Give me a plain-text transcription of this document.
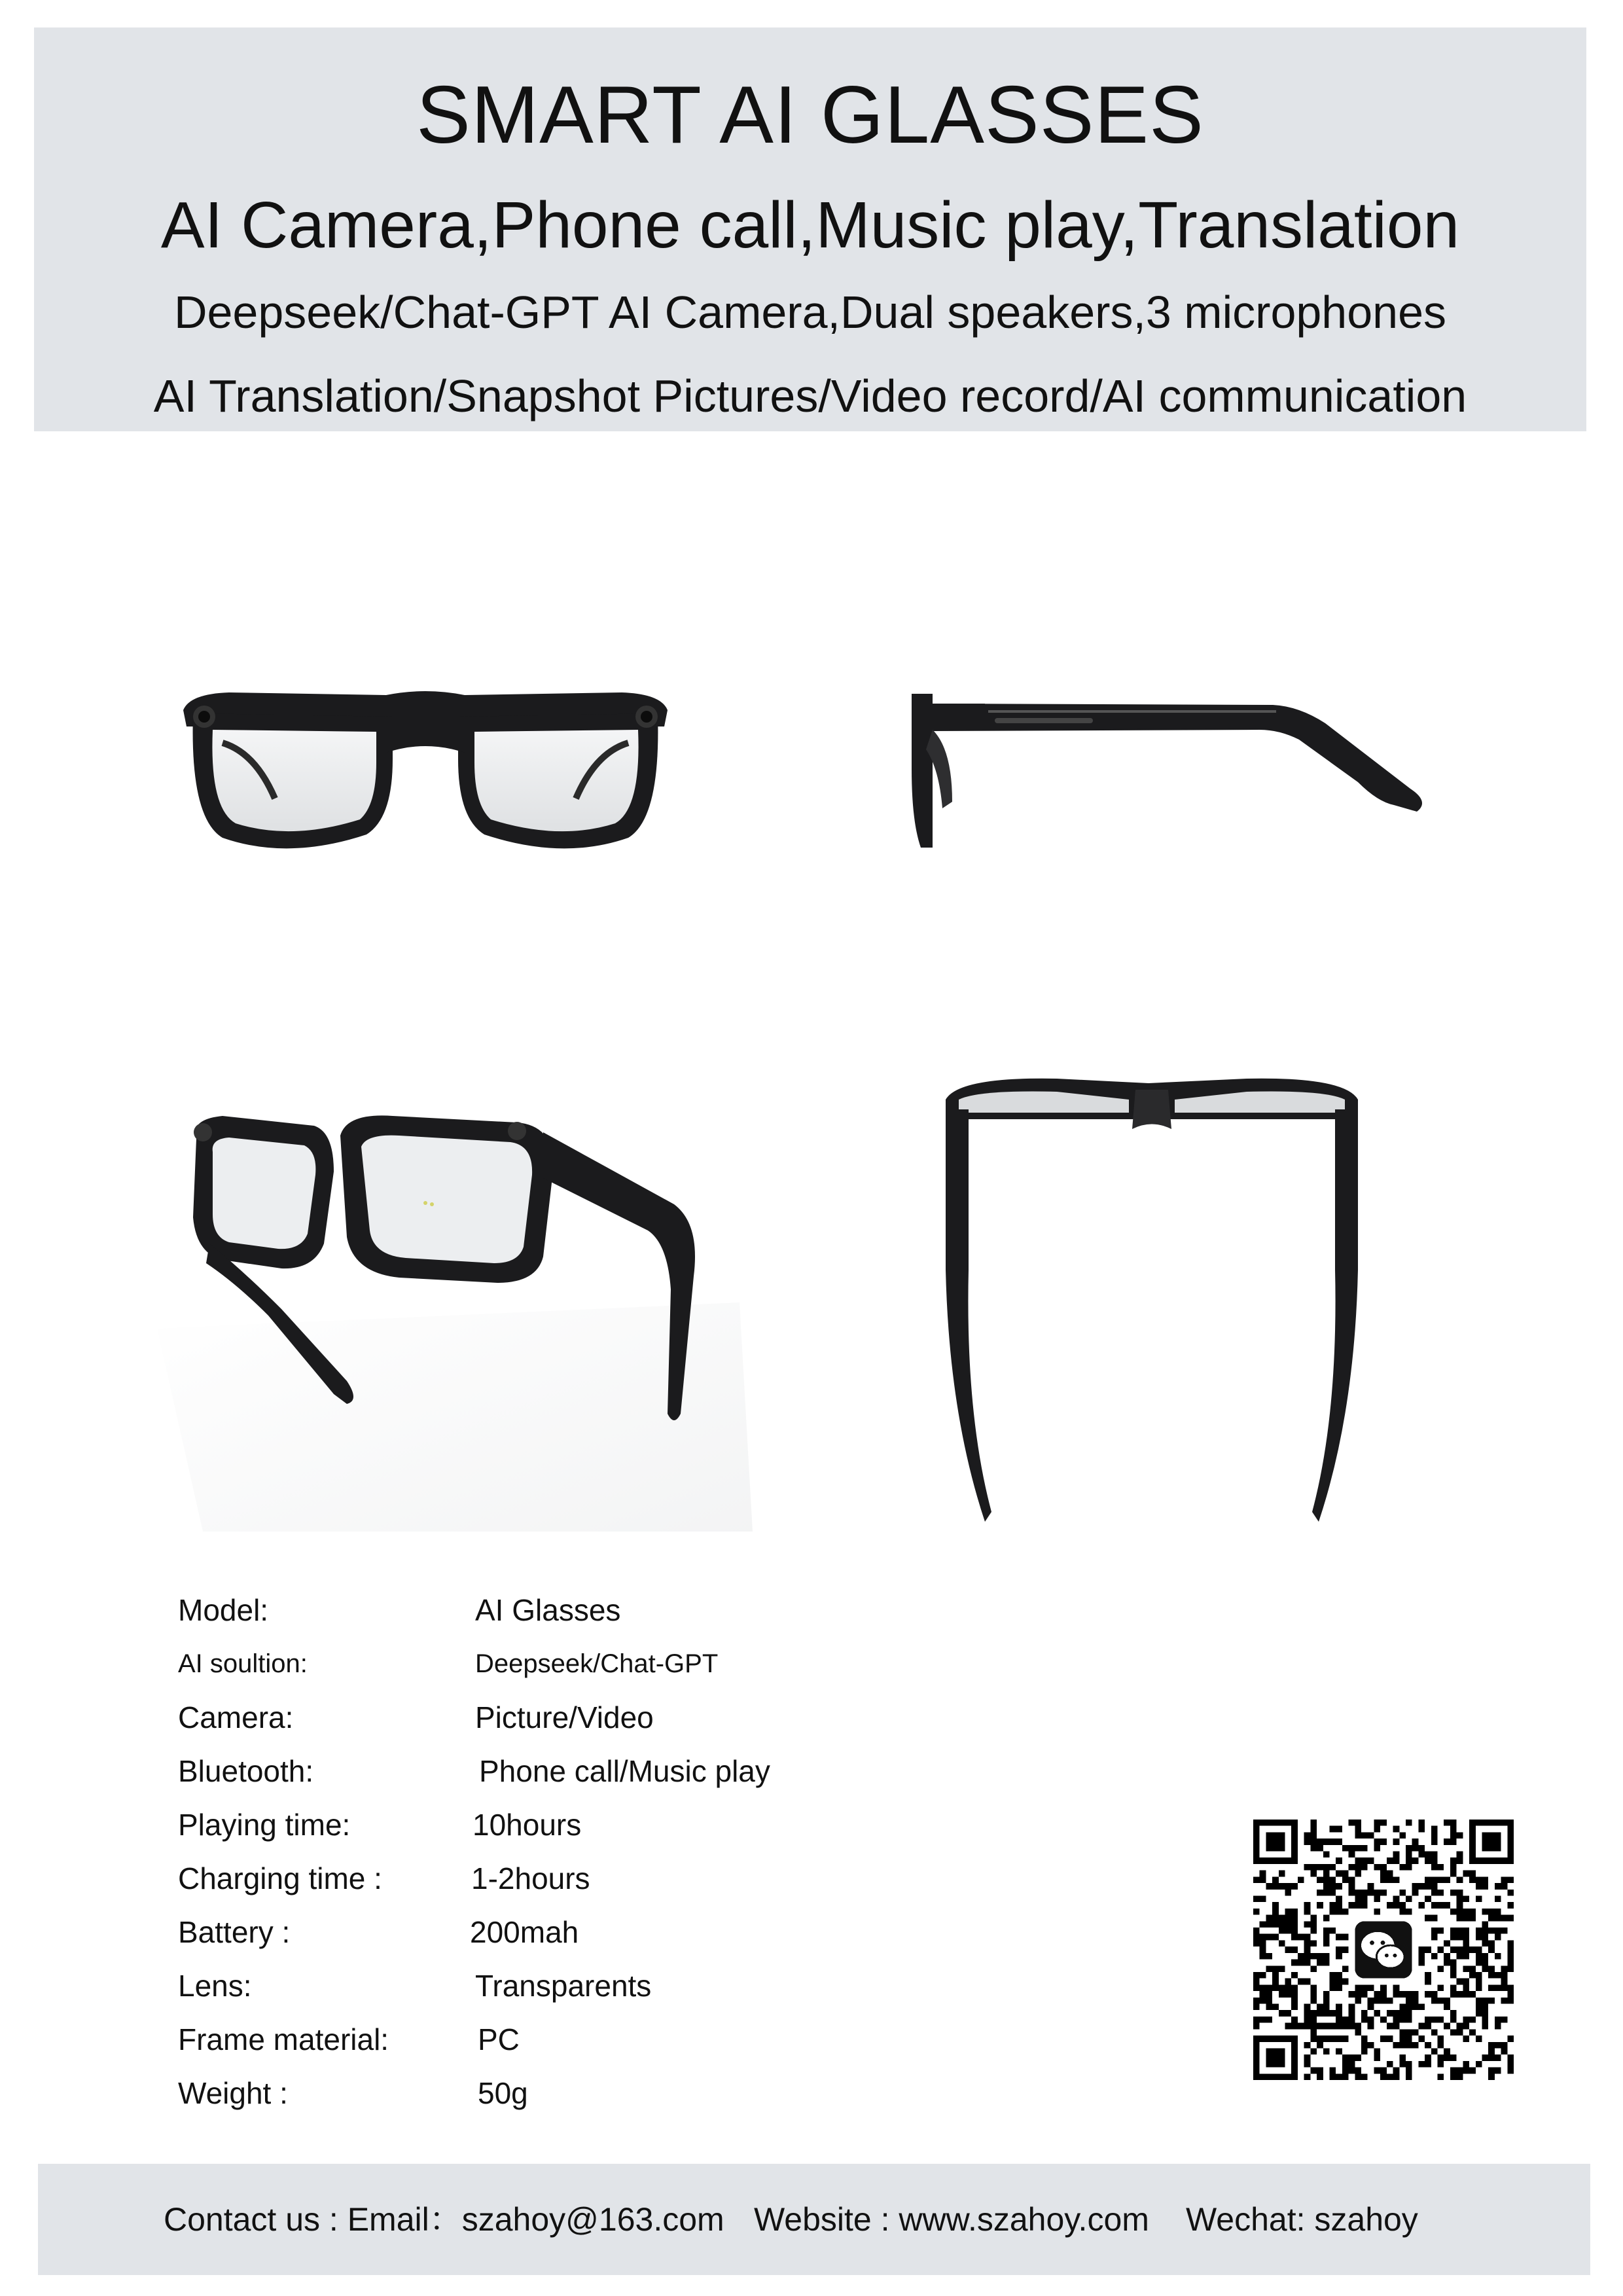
SMART AI GLASSES
AI Camera,Phone call,Music play,Translation
Deepseek/Chat-GPT AI Camera,Dual speakers,3 microphones
AI Translation/Snapshot Pictures/Video record/AI communication
Model:	AI Glasses
AI soultion:	Deepseek/Chat-GPT
Camera:	Picture/Video
Bluetooth:	Phone call/Music play
Playing time:	10hours
Charging time :	1-2hours
Battery :	200mah
Lens:	Transparents
Frame material:	PC
Weight :	50g
Contact us : Email：szahoy@163.com Website : www.szahoy.com Wechat: szahoy
